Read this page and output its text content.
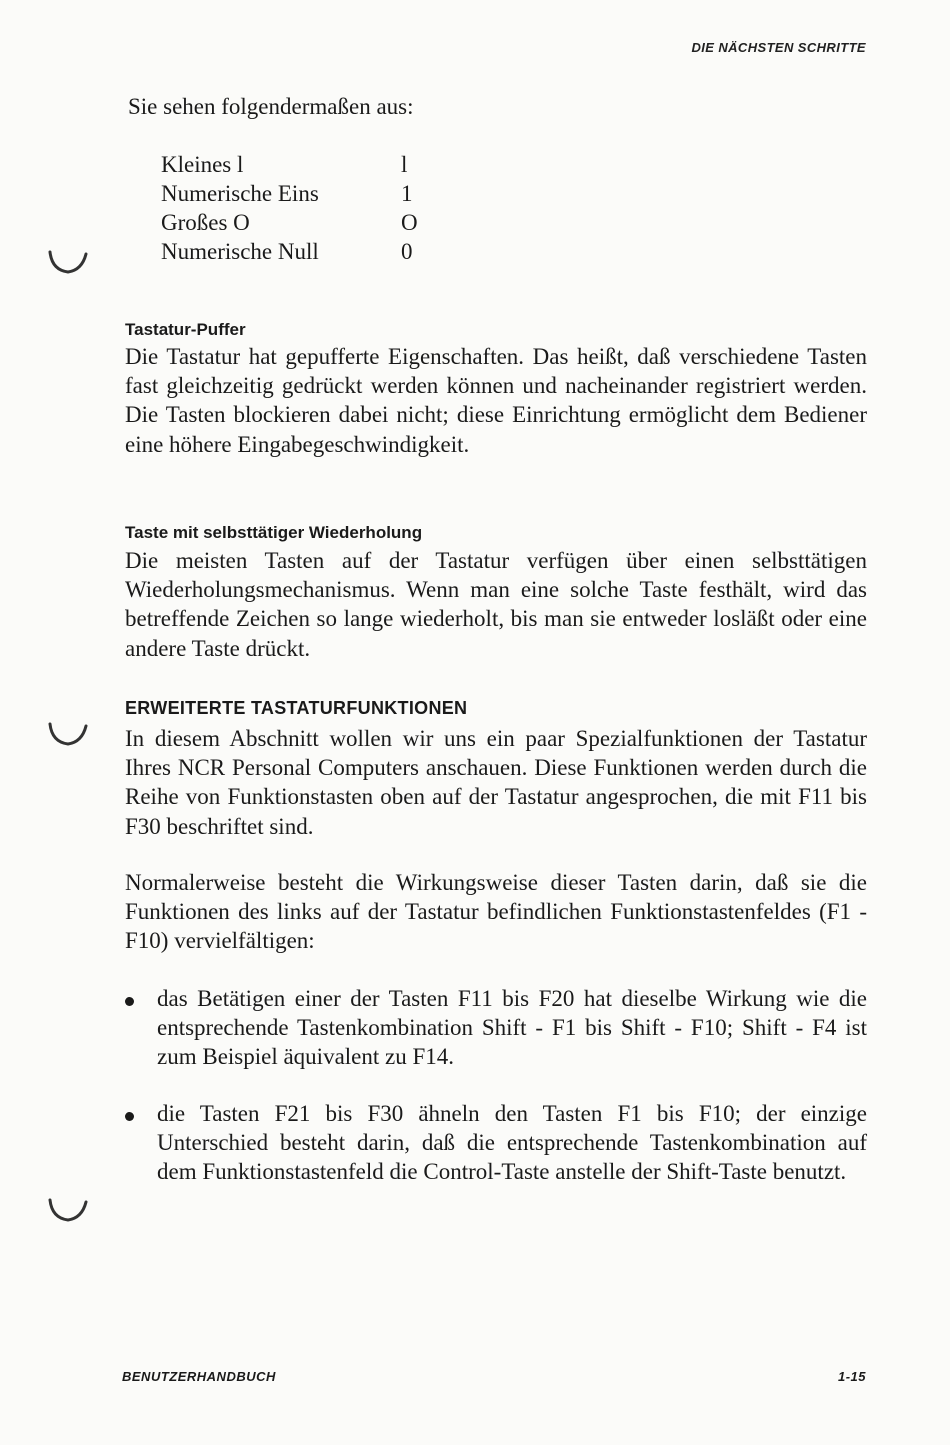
DIE NÄCHSTEN SCHRITTE
Sie sehen folgendermaßen aus:
Kleines l	l
Numerische Eins	1
Großes O	O
Numerische Null	0
Tastatur-Puffer
Die Tastatur hat gepufferte Eigenschaften. Das heißt, daß verschiedene Tasten fast gleichzeitig gedrückt werden können und nacheinander registriert werden. Die Tasten blockieren dabei nicht; diese Einrichtung ermöglicht dem Bediener eine höhere Eingabegeschwindigkeit.
Taste mit selbsttätiger Wiederholung
Die meisten Tasten auf der Tastatur verfügen über einen selbsttätigen Wiederholungsmechanismus. Wenn man eine solche Taste festhält, wird das betreffende Zeichen so lange wiederholt, bis man sie entweder losläßt oder eine andere Taste drückt.
ERWEITERTE TASTATURFUNKTIONEN
In diesem Abschnitt wollen wir uns ein paar Spezialfunktionen der Tastatur Ihres NCR Personal Computers anschauen. Diese Funktionen werden durch die Reihe von Funktionstasten oben auf der Tastatur angesprochen, die mit F11 bis F30 beschriftet sind.
Normalerweise besteht die Wirkungsweise dieser Tasten darin, daß sie die Funktionen des links auf der Tastatur befindlichen Funktionstastenfeldes (F1 -F10) vervielfältigen:
das Betätigen einer der Tasten F11 bis F20 hat dieselbe Wirkung wie die entsprechende Tastenkombination Shift - F1 bis Shift - F10; Shift - F4 ist zum Beispiel äquivalent zu F14.
die Tasten F21 bis F30 ähneln den Tasten F1 bis F10; der einzige Unterschied besteht darin, daß die entsprechende Tastenkombination auf dem Funktionstastenfeld die Control-Taste anstelle der Shift-Taste benutzt.
BENUTZERHANDBUCH	1-15
